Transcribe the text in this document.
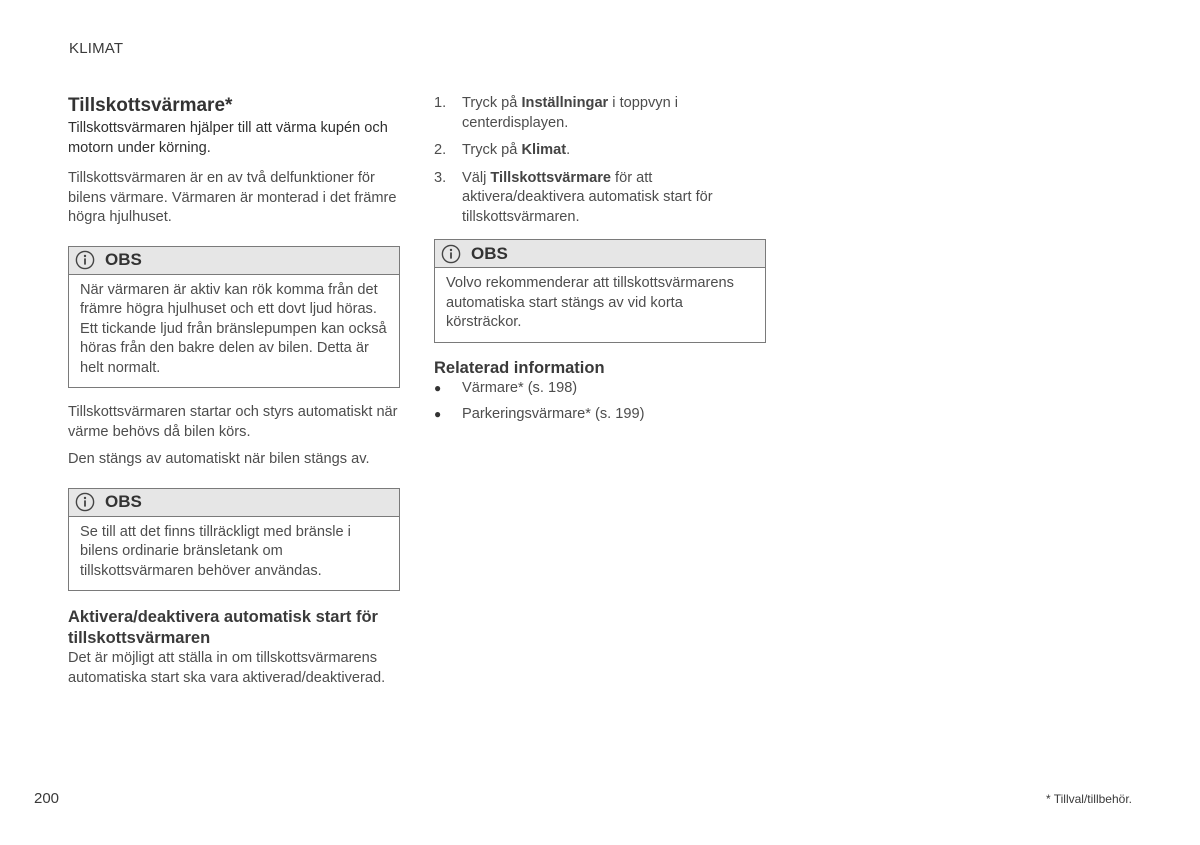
KLIMAT
Tillskottsvärmare*

Tillskottsvärmaren hjälper till att värma kupén och motorn under körning.

Tillskottsvärmaren är en av två delfunktioner för bilens värmare. Värmaren är monterad i det främre högra hjulhuset.

OBS

När värmaren är aktiv kan rök komma från det främre högra hjulhuset och ett dovt ljud höras. Ett tickande ljud från bränslepumpen kan också höras från den bakre delen av bilen. Detta är helt normalt.

Tillskottsvärmaren startar och styrs automatiskt när värme behövs då bilen körs.

Den stängs av automatiskt när bilen stängs av.

OBS

Se till att det finns tillräckligt med bränsle i bilens ordinarie bränsletank om tillskottsvärmaren behöver användas.

Aktivera/deaktivera automatisk start för tillskottsvärmaren

Det är möjligt att ställa in om tillskottsvärmarens automatiska start ska vara aktiverad/deaktiverad.

1.	Tryck på Inställningar i toppvyn i centerdisplayen.
2.	Tryck på Klimat.
3.	Välj Tillskottsvärmare för att aktivera/deaktivera automatisk start för tillskottsvärmaren.
OBS

Volvo rekommenderar att tillskottsvärmarens automatiska start stängs av vid korta körsträckor.

Relaterad information
●	Värmare* (s. 198)
●	Parkeringsvärmare* (s. 199)
200	* Tillval/tillbehör.
